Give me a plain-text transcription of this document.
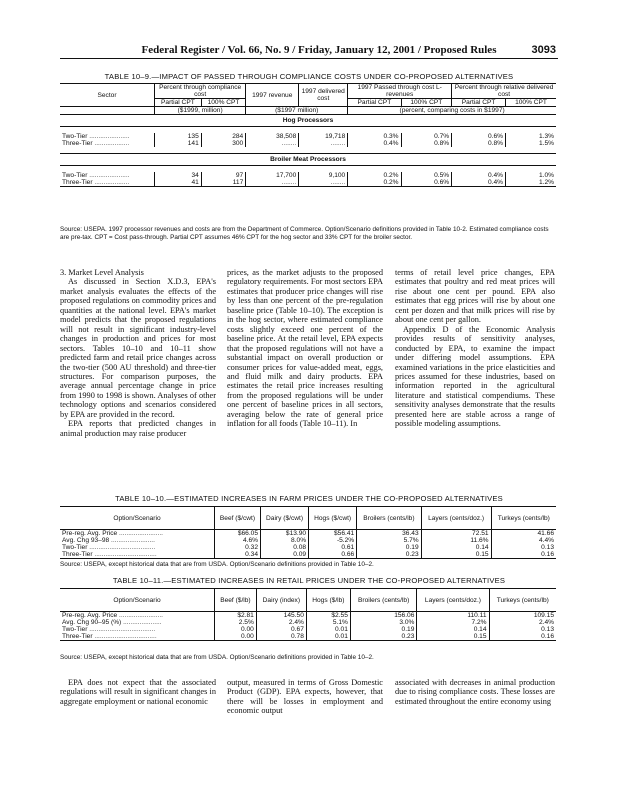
Federal Register / Vol. 66, No. 9 / Friday, January 12, 2001 / Proposed Rules	3093
TABLE 10–9.—IMPACT OF PASSED THROUGH COMPLIANCE COSTS UNDER CO-PROPOSED ALTERNATIVES
Sector	Percent through compliance cost		1997 revenue	1997 delivered cost	1997 Passed through cost L-revenues		Percent through relative delivered cost	
	Partial CPT	100% CPT			Partial CPT	100% CPT	Partial CPT	100% CPT
	($1999, million)		($1997 million)		(percent, comparing costs in $1997)			
Hog Processors								

Two-Tier ......................	135	284	38,508	19,718	0.3%	0.7%	0.6%	1.3%
Three-Tier ...................	141	300	........	........	0.4%	0.8%	0.8%	1.5%

Broiler Meat Processors								

Two-Tier ......................	34	97	17,700	9,100	0.2%	0.5%	0.4%	1.0%
Three-Tier ...................	41	117	........	........	0.2%	0.6%	0.4%	1.2%
Source: USEPA. 1997 processor revenues and costs are from the Department of Commerce. Option/Scenario definitions provided in Table 10-2. Estimated compliance costs are pre-tax. CPT = Cost pass-through. Partial CPT assumes 46% CPT for the hog sector and 33% CPT for the broiler sector.

3. Market Level Analysis

As discussed in Section X.D.3, EPA's market analysis evaluates the effects of the proposed regulations on commodity prices and quantities at the national level. EPA's market model predicts that the proposed regulations will not result in significant industry-level changes in production and prices for most sectors. Tables 10–10 and 10–11 show predicted farm and retail price changes across the two-tier (500 AU threshold) and three-tier structures. For comparison purposes, the average annual percentage change in price from 1990 to 1998 is shown. Analyses of other technology options and scenarios considered by EPA are provided in the record.

EPA reports that predicted changes in animal production may raise producer

prices, as the market adjusts to the proposed regulatory requirements. For most sectors EPA estimates that producer price changes will rise by less than one percent of the pre-regulation baseline price (Table 10–10). The exception is in the hog sector, where estimated compliance costs slightly exceed one percent of the baseline price. At the retail level, EPA expects that the proposed regulations will not have a substantial impact on overall production or consumer prices for value-added meat, eggs, and fluid milk and dairy products. EPA estimates the retail price increases resulting from the proposed regulations will be under one percent of baseline prices in all sectors, averaging below the rate of general price inflation for all foods (Table 10–11). In

terms of retail level price changes, EPA estimates that poultry and red meat prices will rise about one cent per pound. EPA also estimates that egg prices will rise by about one cent per dozen and that milk prices will rise by about one cent per gallon.

Appendix D of the Economic Analysis provides results of sensitivity analyses, conducted by EPA, to examine the impact under differing model assumptions. EPA examined variations in the price elasticities and prices assumed for these industries, based on information reported in the agricultural literature and statistical compendiums. These sensitivity analyses demonstrate that the results presented here are stable across a range of possible modeling assumptions.

TABLE 10–10.—ESTIMATED INCREASES IN FARM PRICES UNDER THE CO-PROPOSED ALTERNATIVES
Option/Scenario	Beef ($/cwt)	Dairy ($/cwt)	Hogs ($/cwt)	Broilers (cents/lb)	Layers (cents/doz.)	Turkeys (cents/lb)
Pre-reg. Avg. Price ........................	$66.05	$13.90	$56.41	36.43	72.51	41.66
Avg. Chg 93–98 ........................	4.6%	8.0%	-5.2%	5.7%	11.6%	4.4%
Two-Tier ....................................	0.32	0.08	0.61	0.19	0.14	0.13
Three-Tier ..................................	0.34	0.09	0.66	0.23	0.15	0.16
Source: USEPA, except historical data that are from USDA. Option/Scenario definitions provided in Table 10–2.
TABLE 10–11.—ESTIMATED INCREASES IN RETAIL PRICES UNDER THE CO-PROPOSED ALTERNATIVES
Option/Scenario	Beef ($/lb)	Dairy (index)	Hogs ($/lb)	Broilers (cents/lb)	Layers (cents/doz.)	Turkeys (cents/lb)
Pre-reg. Avg. Price ........................	$2.81	145.50	$2.55	156.06	110.11	109.15
Avg. Chg 90–95 (%) .....................	2.5%	2.4%	5.1%	3.0%	7.2%	2.4%
Two-Tier ....................................	0.00	0.67	0.01	0.19	0.14	0.13
Three-Tier ..................................	0.00	0.78	0.01	0.23	0.15	0.16
Source: USEPA, except historical data that are from USDA. Option/Scenario definitions provided in Table 10–2.

EPA does not expect that the associated regulations will result in significant changes in aggregate employment or national economic

output, measured in terms of Gross Domestic Product (GDP). EPA expects, however, that there will be losses in employment and economic output

associated with decreases in animal production due to rising compliance costs. These losses are estimated throughout the entire economy using
